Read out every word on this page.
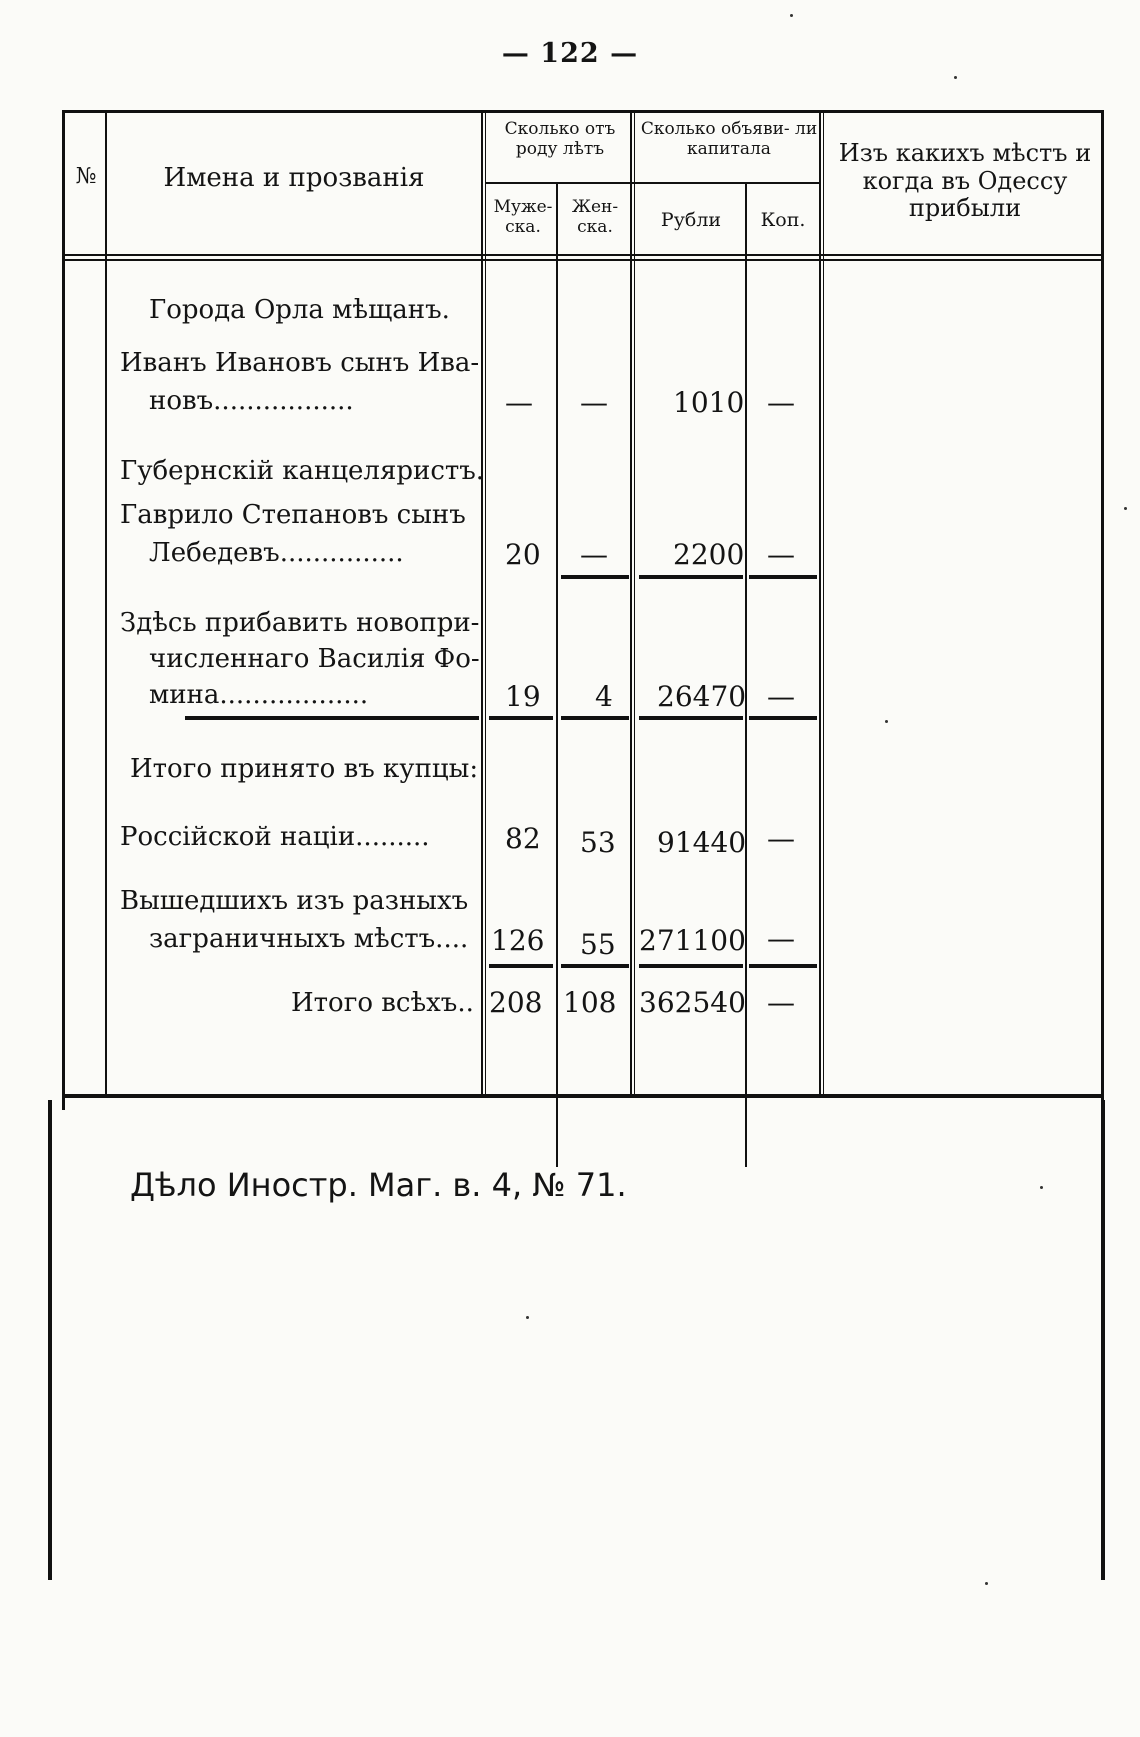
— 122 —
№	Имена и прозванія
Сколько отъ роду лѣтъ
Муже- ска.
Жен- ска.
Сколько объяви- ли капитала
Рубли	Коп.
Изъ какихъ мѣстъ и когда въ Одессу прибыли
Города Орла мѣщанъ.
Иванъ Ивановъ сынъ Ива-
новъ.................	— — 1010 —
Губернскій канцеляристъ.
Гаврило Степановъ сынъ
Лебедевъ...............	20 — 2200 —
Здѣсь прибавить новопри-
численнаго Василія Фо-
мина..................	19 4 26470 —
Итого принято въ купцы:
Россійской націи.........	82 53 91440 —
Вышедшихъ изъ разныхъ
заграничныхъ мѣстъ.... 126 55 271100 —
Итого всѣхъ.. 208 108 362540 —
Дѣло Иностр. Маг. в. 4, № 71.
